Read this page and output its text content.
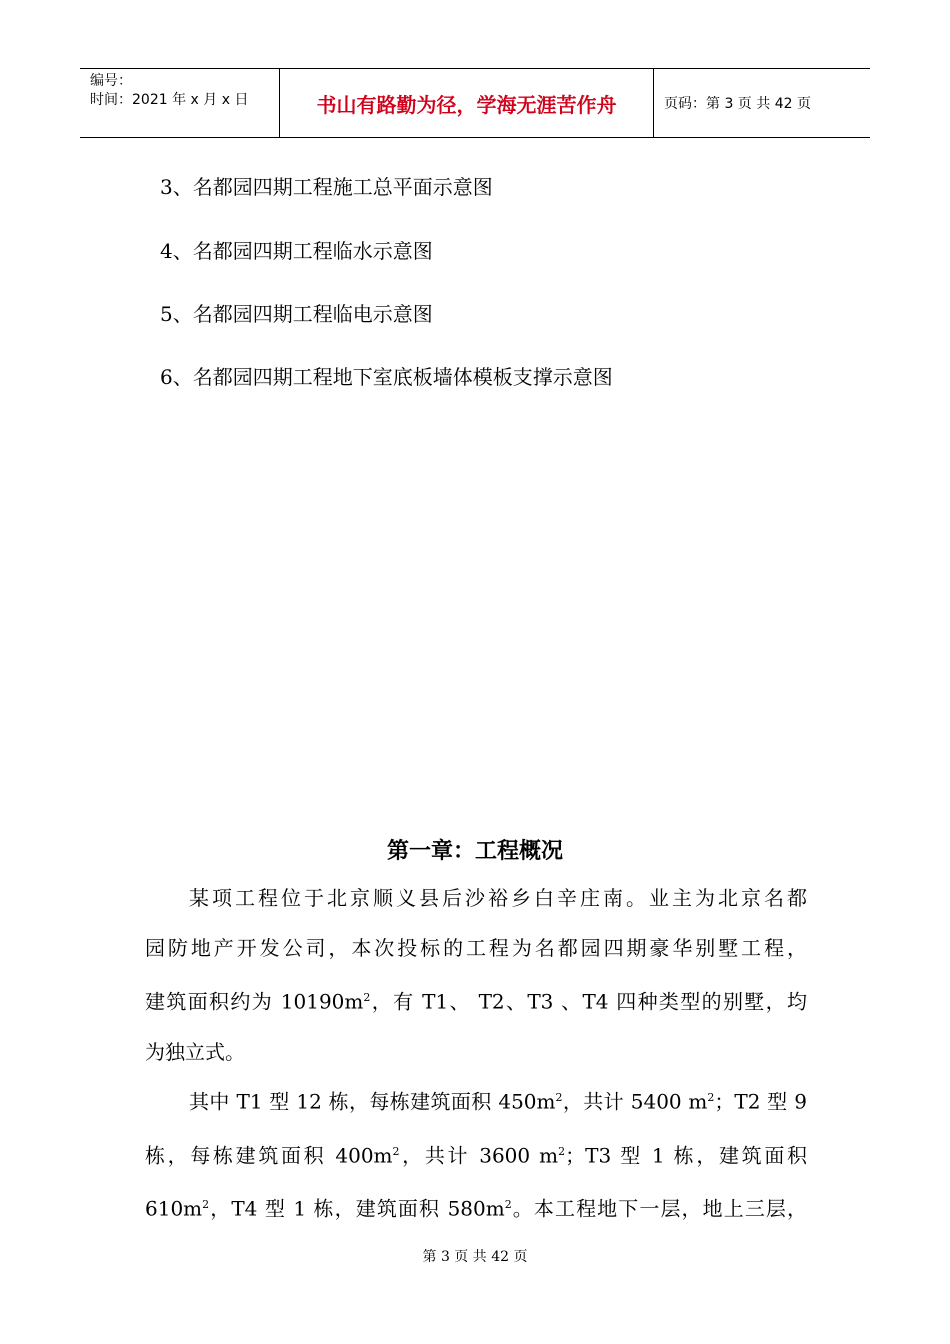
编号：
时间：2021 年 x 月 x 日	书山有路勤为径，学海无涯苦作舟	页码：第 3 页 共 42 页
3、名都园四期工程施工总平面示意图
4、名都园四期工程临水示意图
5、名都园四期工程临电示意图
6、名都园四期工程地下室底板墙体模板支撑示意图
第一章：工程概况
某项工程位于北京顺义县后沙裕乡白辛庄南。业主为北京名都
园防地产开发公司，本次投标的工程为名都园四期豪华别墅工程，
建筑面积约为 $10190m^2$，有 T1、 T2、T3 、T4 四种类型的别墅，均
为独立式。
其中 T1 型 12 栋，每栋建筑面积 $450m^2$，共计 5400 $m^2$；T2 型 9
栋，每栋建筑面积 $400m^2$，共计 3600 $m^2$；T3 型 1 栋，建筑面积
$610m^2$，T4 型 1 栋，建筑面积 $580m^2$。本工程地下一层，地上三层，
第 3 页 共 42 页
